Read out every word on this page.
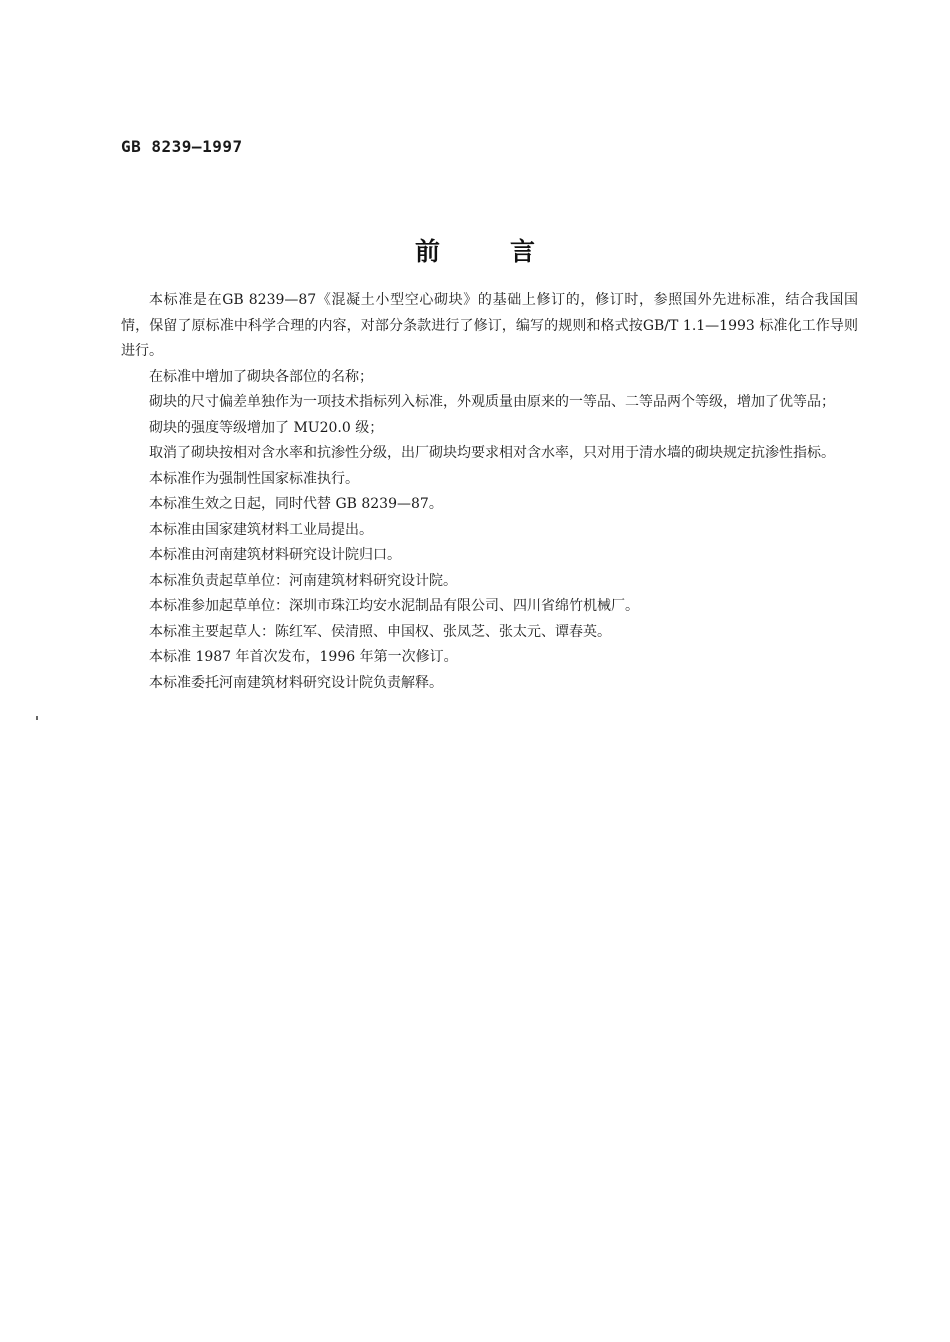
GB 8239—1997
前言

本标准是在GB 8239—87《混凝土小型空心砌块》的基础上修订的，修订时，参照国外先进标准，结合我国国情，保留了原标准中科学合理的内容，对部分条款进行了修订，编写的规则和格式按GB/T 1.1—1993 标准化工作导则进行。

在标准中增加了砌块各部位的名称；

砌块的尺寸偏差单独作为一项技术指标列入标准，外观质量由原来的一等品、二等品两个等级，增加了优等品；

砌块的强度等级增加了 MU20.0 级；

取消了砌块按相对含水率和抗渗性分级，出厂砌块均要求相对含水率，只对用于清水墙的砌块规定抗渗性指标。

本标准作为强制性国家标准执行。

本标准生效之日起，同时代替 GB 8239—87。

本标准由国家建筑材料工业局提出。

本标准由河南建筑材料研究设计院归口。

本标准负责起草单位：河南建筑材料研究设计院。

本标准参加起草单位：深圳市珠江均安水泥制品有限公司、四川省绵竹机械厂。

本标准主要起草人：陈红军、侯清照、申国权、张凤芝、张太元、谭春英。

本标准 1987 年首次发布，1996 年第一次修订。

本标准委托河南建筑材料研究设计院负责解释。
